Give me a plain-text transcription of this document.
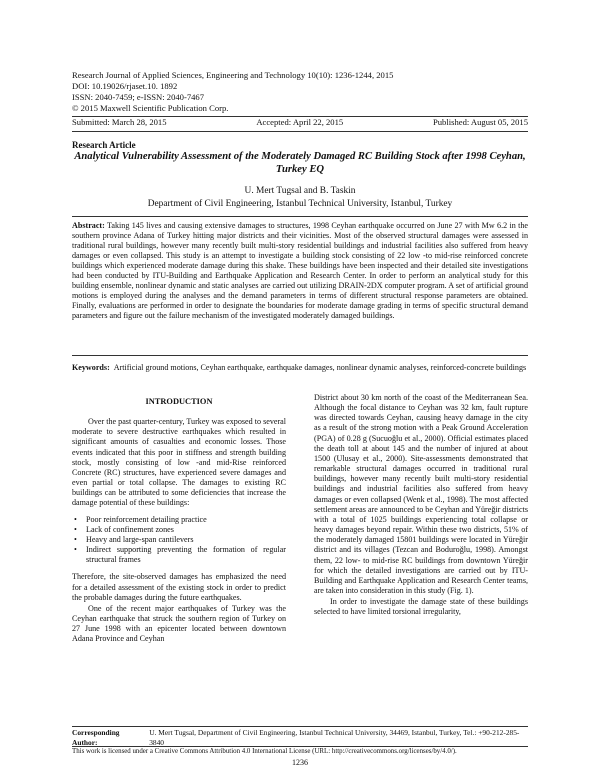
Research Journal of Applied Sciences, Engineering and Technology 10(10): 1236-1244, 2015
DOI: 10.19026/rjaset.10. 1892
ISSN: 2040-7459; e-ISSN: 2040-7467
© 2015 Maxwell Scientific Publication Corp.
Submitted: March 28, 2015	Accepted: April 22, 2015	Published: August 05, 2015
Research Article
Analytical Vulnerability Assessment of the Moderately Damaged RC Building Stock after 1998 Ceyhan, Turkey EQ
U. Mert Tugsal and B. Taskin
Department of Civil Engineering, Istanbul Technical University, Istanbul, Turkey
Abstract: Taking 145 lives and causing extensive damages to structures, 1998 Ceyhan earthquake occurred on June 27 with Mw 6.2 in the southern province Adana of Turkey hitting major districts and their vicinities. Most of the observed structural damages were assessed in traditional rural buildings, however many recently built multi-story residential buildings and industrial facilities also suffered from heavy damages or even collapsed. This study is an attempt to investigate a building stock consisting of 22 low -to mid-rise reinforced concrete buildings which experienced moderate damage during this shake. These buildings have been inspected and their detailed site investigations had been conducted by ITU-Building and Earthquake Application and Research Center. In order to perform an analytical study for this building ensemble, nonlinear dynamic and static analyses are carried out utilizing DRAIN-2DX computer program. A set of artificial ground motions is employed during the analyses and the demand parameters in terms of different structural response parameters are obtained. Finally, evaluations are performed in order to designate the boundaries for moderate damage grading in terms of specific structural demand parameters and figure out the failure mechanism of the investigated moderately damaged buildings.
Keywords: Artificial ground motions, Ceyhan earthquake, earthquake damages, nonlinear dynamic analyses, reinforced-concrete buildings
INTRODUCTION

Over the past quarter-century, Turkey was exposed to several moderate to severe destructive earthquakes which resulted in significant amounts of casualties and economic losses. Those events indicated that this poor in stiffness and strength building stock, mostly consisting of low -and mid-Rise reinforced Concrete (RC) structures, have experienced severe damages and even partial or total collapse. The damages to existing RC buildings can be attributed to some deficiencies that increase the damage potential of these buildings:

• Poor reinforcement detailing practice
• Lack of confinement zones
• Heavy and large-span cantilevers
• Indirect supporting preventing the formation of regular structural frames

Therefore, the site-observed damages has emphasized the need for a detailed assessment of the existing stock in order to predict the probable damages during the future earthquakes.

One of the recent major earthquakes of Turkey was the Ceyhan earthquake that struck the southern region of Turkey on 27 June 1998 with an epicenter located between downtown Adana Province and Ceyhan

District about 30 km north of the coast of the Mediterranean Sea. Although the focal distance to Ceyhan was 32 km, fault rupture was directed towards Ceyhan, causing heavy damage in the city as a result of the strong motion with a Peak Ground Acceleration (PGA) of 0.28 g (Sucuoğlu et al., 2000). Official estimates placed the death toll at about 145 and the number of injured at about 1500 (Ulusay et al., 2000). Site-assessments demonstrated that remarkable structural damages occurred in traditional rural buildings, however many recently built multi-story residential buildings and industrial facilities also suffered from heavy damages or even collapsed (Wenk et al., 1998). The most affected settlement areas are announced to be Ceyhan and Yüreğir districts with a total of 1025 buildings experiencing total collapse or heavy damages beyond repair. Within these two districts, 51% of the moderately damaged 15801 buildings were located in Yüreğir district and its villages (Tezcan and Boduroğlu, 1998). Amongst them, 22 low- to mid-rise RC buildings from downtown Yüreğir for which the detailed investigations are carried out by ITU-Building and Earthquake Application and Research Center teams, are taken into consideration in this study (Fig. 1).

In order to investigate the damage state of these buildings selected to have limited torsional irregularity,

Corresponding Author:
U. Mert Tugsal, Department of Civil Engineering, Istanbul Technical University, 34469, Istanbul, Turkey, Tel.: +90-212-285-3840
This work is licensed under a Creative Commons Attribution 4.0 International License (URL: http://creativecommons.org/licenses/by/4.0/).
1236
